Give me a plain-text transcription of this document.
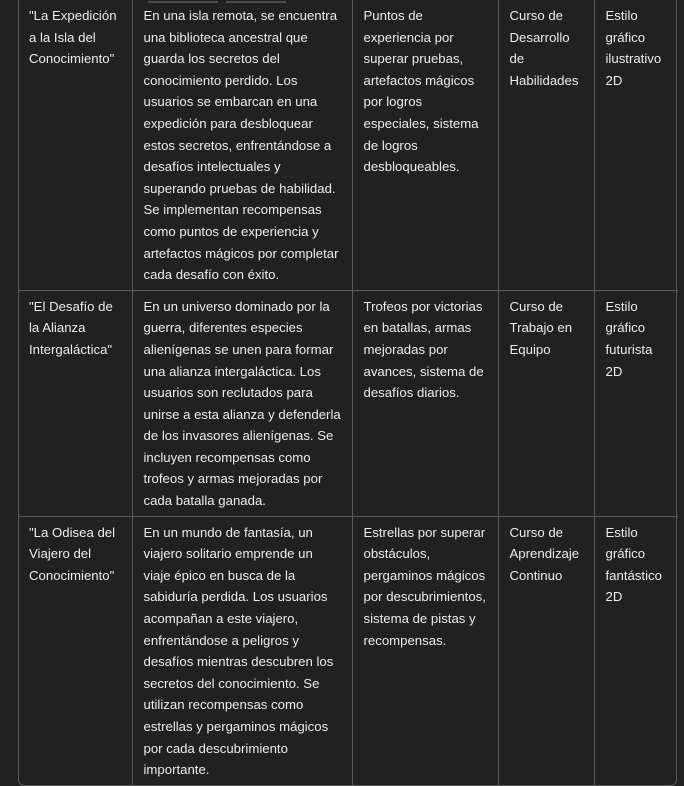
"La Expedición a la Isla del Conocimiento"	En una isla remota, se encuentra una biblioteca ancestral que guarda los secretos del conocimiento perdido. Los usuarios se embarcan en una expedición para desbloquear estos secretos, enfrentándose a desafíos intelectuales y superando pruebas de habilidad. Se implementan recompensas como puntos de experiencia y artefactos mágicos por completar cada desafío con éxito.	Puntos de experiencia por superar pruebas, artefactos mágicos por logros especiales, sistema de logros desbloqueables.	Curso de Desarrollo de Habilidades	Estilo gráfico ilustrativo 2D
"El Desafío de la Alianza Intergaláctica"	En un universo dominado por la guerra, diferentes especies alienígenas se unen para formar una alianza intergaláctica. Los usuarios son reclutados para unirse a esta alianza y defenderla de los invasores alienígenas. Se incluyen recompensas como trofeos y armas mejoradas por cada batalla ganada.	Trofeos por victorias en batallas, armas mejoradas por avances, sistema de desafíos diarios.	Curso de Trabajo en Equipo	Estilo gráfico futurista 2D
"La Odisea del Viajero del Conocimiento"	En un mundo de fantasía, un viajero solitario emprende un viaje épico en busca de la sabiduría perdida. Los usuarios acompañan a este viajero, enfrentándose a peligros y desafíos mientras descubren los secretos del conocimiento. Se utilizan recompensas como estrellas y pergaminos mágicos por cada descubrimiento importante.	Estrellas por superar obstáculos, pergaminos mágicos por descubrimientos, sistema de pistas y recompensas.	Curso de Aprendizaje Continuo	Estilo gráfico fantástico 2D
